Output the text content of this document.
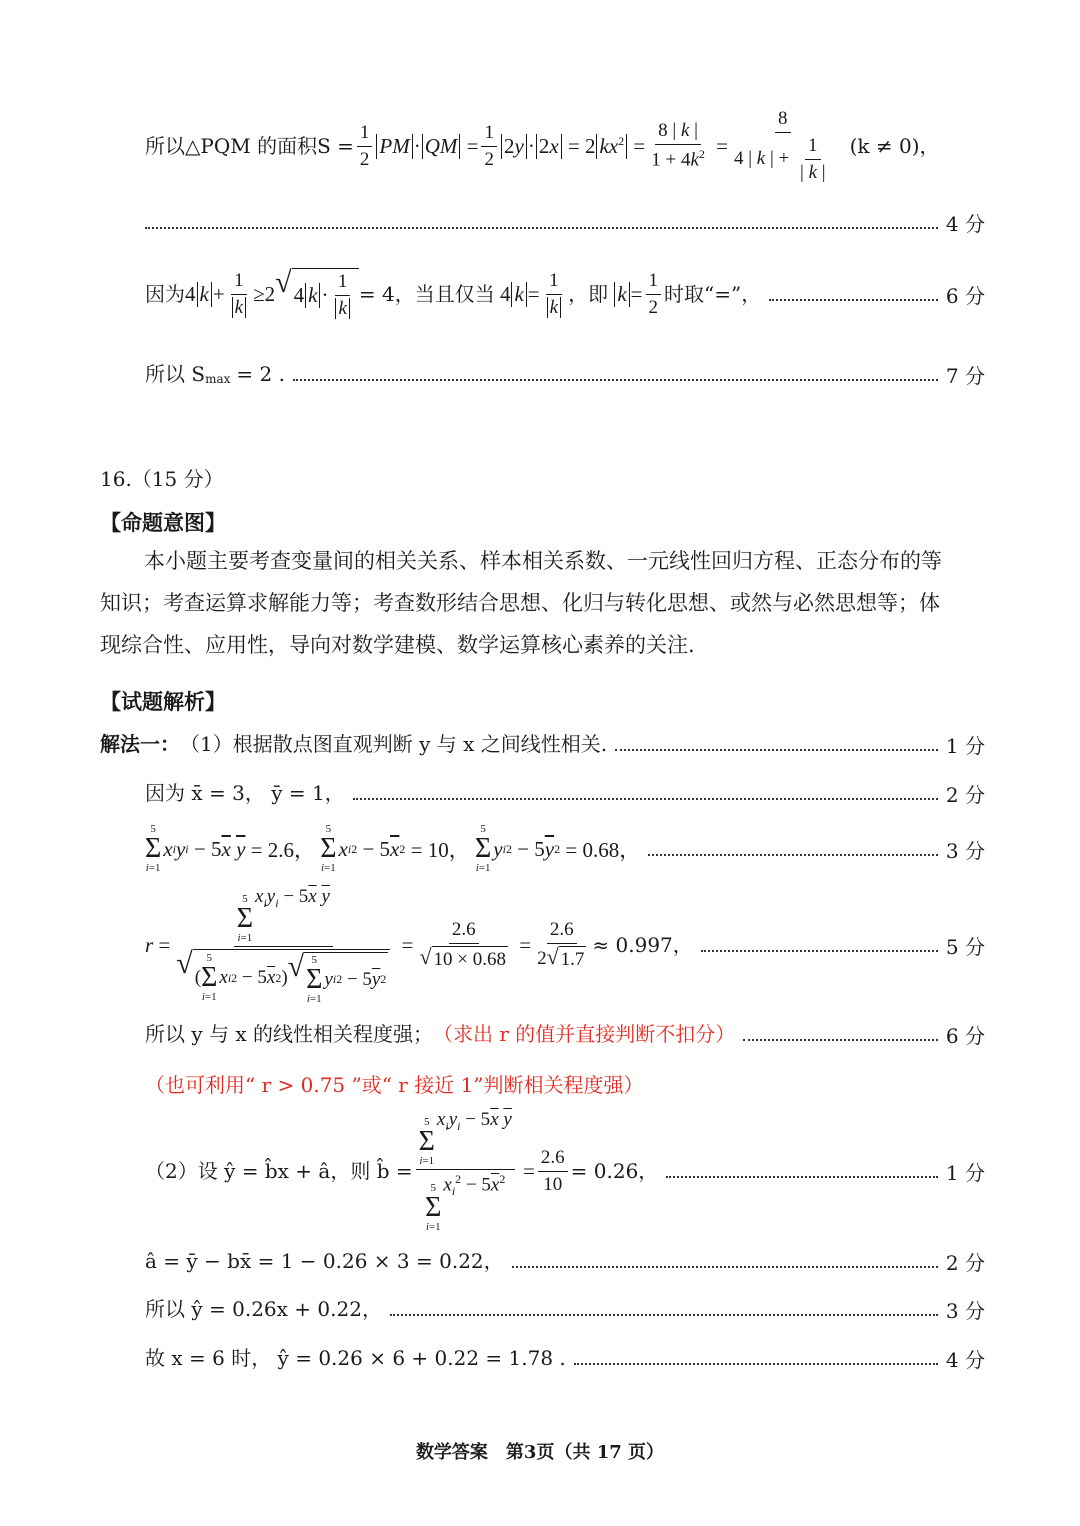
所以△PQM 的面积$S = \frac{1}{2}$ PM · QM = $\frac{1}{2} 2y \cdot 2x = 2$ $kx^2 = \frac{8 | k |}{1 + 4k^2} = \frac{8}{4 | k | + \frac{1}{| k |}} (k \ne 0)$，
4 分
因为 4 $k + \frac{1}{k} \ge 2$ √ 4 $k \cdot \frac{1}{k} = 4$，当且仅当 4 $k = \frac{1}{k}$ ，即
$k = \frac{1}{2}$ 时取“=”，	6 分
所以 $S_{max} = 2$ .	7 分
16.（15 分）
【命题意图】
本小题主要考查变量间的相关关系、样本相关系数、一元线性回归方程、正态分布的等
知识；考查运算求解能力等；考查数形结合思想、化归与转化思想、或然与必然思想等；体
现综合性、应用性，导向对数学建模、数学运算核心素养的关注.
【试题解析】
解法一： （1）根据散点图直观判断 y 与 x 之间线性相关.	1 分
因为 x̄ = 3， ȳ = 1，	2 分
5
Σ
i=1
x i y i − 5 $\overline{x}$
$\overline{y} = 2.6$，
5
Σ
i=1
x i 2 − 5 $\overline{x}$ 2 = 10，
5
Σ
i=1
y i 2 − 5 $\overline{y}$ 2 = 0.68，	3 分
r = 5
Σ
i=1
$x_iy_i - 5\overline{x}$ $\overline{y}$
√ (
5
Σ
i=1
x i 2 − 5 $\overline{x}$ 2 ) √ 5
Σ
i=1
y i 2 − 5 $\overline{y}$ $2 = \frac{2.6}{√ 10 \times 0.68} = \frac{2.6}{2 √ 1.7} \approx 0.997$，	5 分
所以 y 与 x 的线性相关程度强； （求出 r 的值并直接判断不扣分）	6 分
（也可利用“ r > 0.75 ”或“ r 接近 1”判断相关程度强）
（2）设 ŷ = b̂x + â，则 b̂ = 5
Σ
i=1
$x_iy_i - 5\overline{x}$ $\overline{y}$
5
Σ
i=1
$x_i^2 - 5\overline{x}^2 = \frac{2.6}{10} = 0.26$，	1 分
â = ȳ − bx̄ = 1 − 0.26 × 3 = 0.22，	2 分
所以 ŷ = 0.26x + 0.22，	3 分
故 x = 6 时， ŷ = 0.26 × 6 + 0.22 = 1.78 .	4 分
数学答案　第3页（共 17 页）
